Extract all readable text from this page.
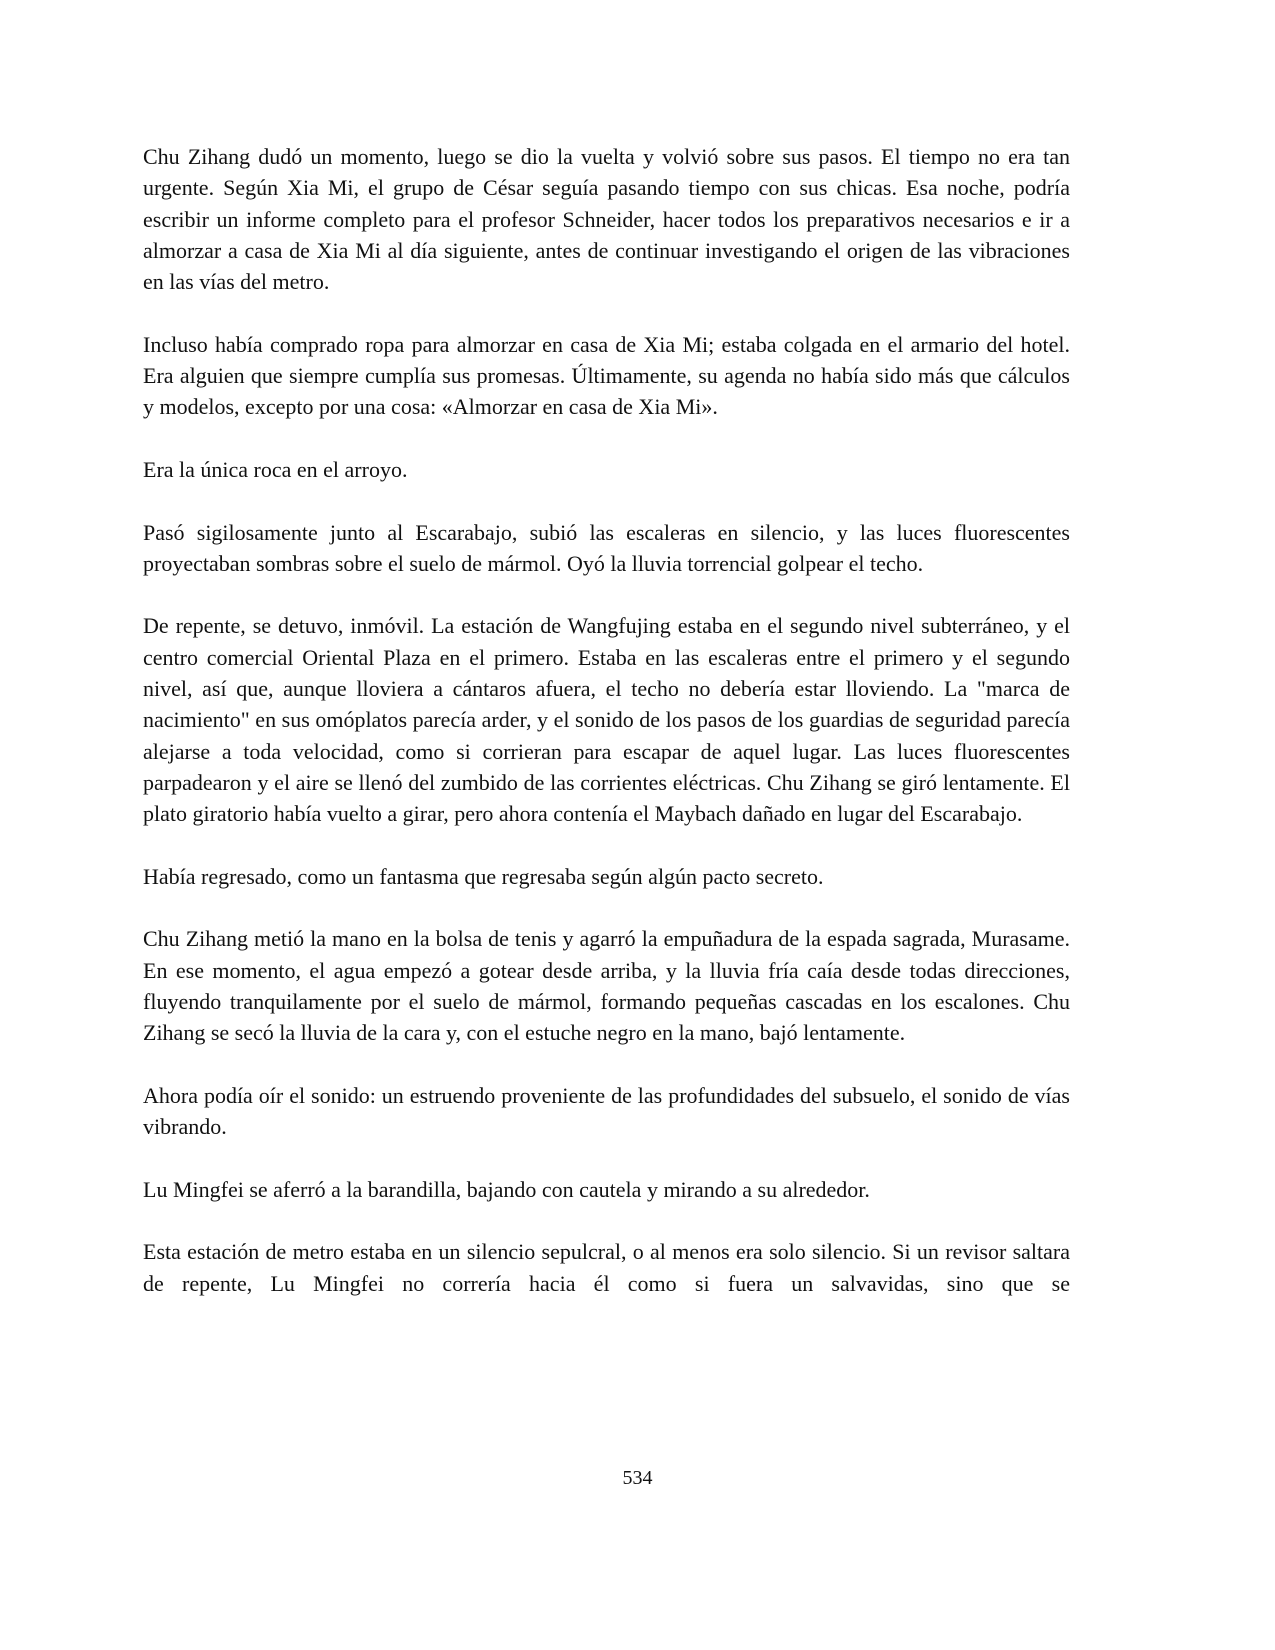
Chu Zihang dudó un momento, luego se dio la vuelta y volvió sobre sus pasos. El tiempo no era tan urgente. Según Xia Mi, el grupo de César seguía pasando tiempo con sus chicas. Esa noche, podría escribir un informe completo para el profesor Schneider, hacer todos los preparativos necesarios e ir a almorzar a casa de Xia Mi al día siguiente, antes de continuar investigando el origen de las vibraciones en las vías del metro.

Incluso había comprado ropa para almorzar en casa de Xia Mi; estaba colgada en el armario del hotel. Era alguien que siempre cumplía sus promesas. Últimamente, su agenda no había sido más que cálculos y modelos, excepto por una cosa: «Almorzar en casa de Xia Mi».

Era la única roca en el arroyo.

Pasó sigilosamente junto al Escarabajo, subió las escaleras en silencio, y las luces fluorescentes proyectaban sombras sobre el suelo de mármol. Oyó la lluvia torrencial golpear el techo.

De repente, se detuvo, inmóvil. La estación de Wangfujing estaba en el segundo nivel subterráneo, y el centro comercial Oriental Plaza en el primero. Estaba en las escaleras entre el primero y el segundo nivel, así que, aunque lloviera a cántaros afuera, el techo no debería estar lloviendo. La "marca de nacimiento" en sus omóplatos parecía arder, y el sonido de los pasos de los guardias de seguridad parecía alejarse a toda velocidad, como si corrieran para escapar de aquel lugar. Las luces fluorescentes parpadearon y el aire se llenó del zumbido de las corrientes eléctricas. Chu Zihang se giró lentamente. El plato giratorio había vuelto a girar, pero ahora contenía el Maybach dañado en lugar del Escarabajo.

Había regresado, como un fantasma que regresaba según algún pacto secreto.

Chu Zihang metió la mano en la bolsa de tenis y agarró la empuñadura de la espada sagrada, Murasame. En ese momento, el agua empezó a gotear desde arriba, y la lluvia fría caía desde todas direcciones, fluyendo tranquilamente por el suelo de mármol, formando pequeñas cascadas en los escalones. Chu Zihang se secó la lluvia de la cara y, con el estuche negro en la mano, bajó lentamente.

Ahora podía oír el sonido: un estruendo proveniente de las profundidades del subsuelo, el sonido de vías vibrando.

Lu Mingfei se aferró a la barandilla, bajando con cautela y mirando a su alrededor.

Esta estación de metro estaba en un silencio sepulcral, o al menos era solo silencio. Si un revisor saltara de repente, Lu Mingfei no correría hacia él como si fuera un salvavidas, sino que se

534
